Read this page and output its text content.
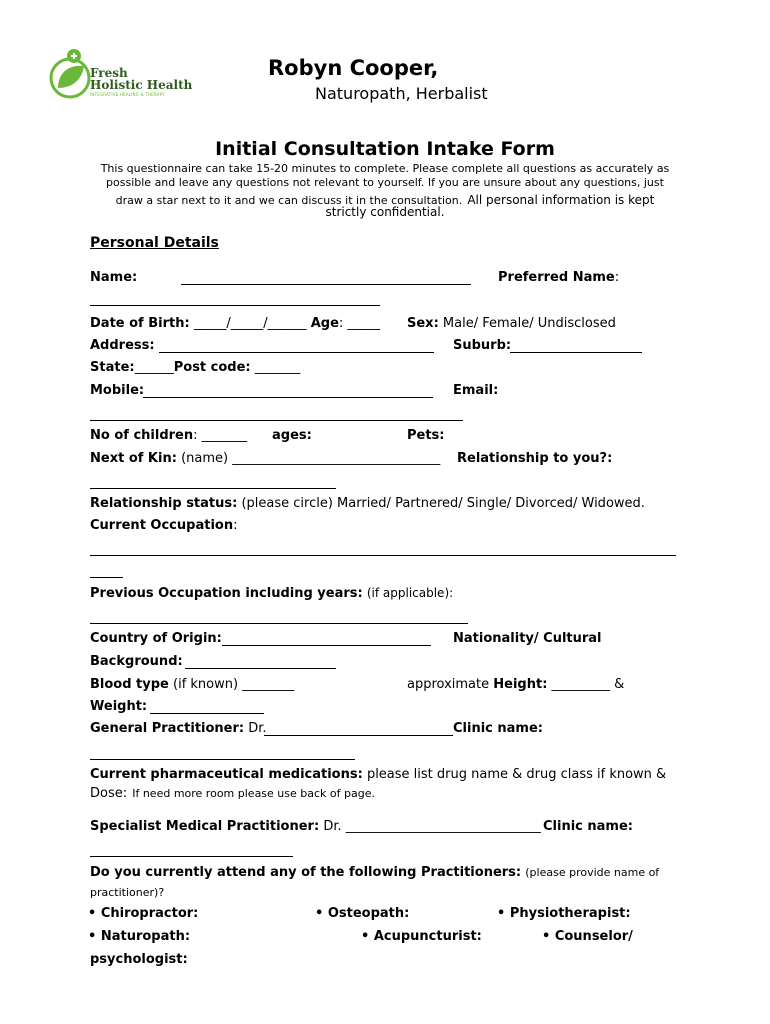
Fresh
Holistic Health
INTEGRATIVE HEALING & THERAPY
Robyn Cooper,
Naturopath, Herbalist
Initial Consultation Intake Form
This questionnaire can take 15-20 minutes to complete. Please complete all questions as accurately as
possible and leave any questions not relevant to yourself. If you are unsure about any questions, just
draw a star next to it and we can discuss it in the consultation. All personal information is kept
strictly confidential.
Personal Details
Name:	Preferred Name:
Date of Birth: _____/_____/______ Age: _____ Sex: Male/ Female/ Undisclosed
Address:	Suburb:
State: ______Post code: _______
Mobile:	Email:
No of children: _______ ages:	Pets:
Next of Kin: (name) ________________________________ Relationship to you?:
Relationship status: (please circle) Married/ Partnered/ Single/ Divorced/ Widowed.
Current Occupation:
Previous Occupation including years: (if applicable):
Country of Origin:	Nationality/ Cultural
Background:
Blood type (if known) ________	approximate Height: _________ &
Weight:
General Practitioner: Dr.	Clinic name:
Current pharmaceutical medications: please list drug name & drug class if known &
Dose: If need more room please use back of page.
Specialist Medical Practitioner: Dr. ______________________________ Clinic name:
Do you currently attend any of the following Practitioners: (please provide name of
practitioner)?
• Chiropractor:	• Osteopath:	• Physiotherapist:
• Naturopath:	• Acupuncturist:	• Counselor/
psychologist:
